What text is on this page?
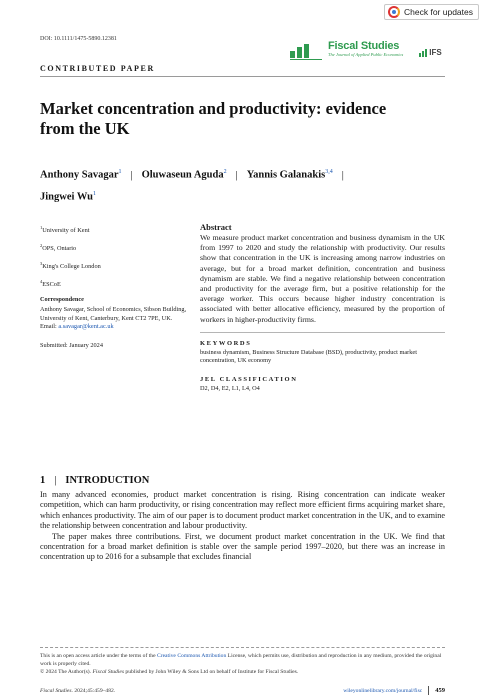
Check for updates
DOI: 10.1111/1475-5890.12381
Fiscal Studies
The Journal of Applied Public Economics	IFS
CONTRIBUTED PAPER
Market concentration and productivity: evidence from the UK
Anthony Savagar$^1$ | Oluwaseun Aguda$^2$ | Yannis Galanakis$^{3,4}$ |
Jingwei Wu$^1$

$^1$University of Kent

$^2$OPS, Ontario

$^3$King's College London

$^4$ESCoE

Correspondence

Anthony Savagar, School of Economics, Sibson Building, University of Kent, Canterbury, Kent CT2 7PE, UK.
Email: a.savagar@kent.ac.uk

Submitted: January 2024

Abstract

We measure product market concentration and business dynamism in the UK from 1997 to 2020 and study the relationship with productivity. Our results show that concentration in the UK is increasing among narrow industries on average, but for a broad market definition, concentration and business dynamism are stable. We find a negative relationship between concentration and productivity for the average firm, but a positive relationship for the average worker. This occurs because higher industry concentration is associated with better allocative efficiency, measured by the proportion of workers in higher-productivity firms.

KEYWORDS

business dynamism, Business Structure Database (BSD), productivity, product market concentration, UK economy

JEL CLASSIFICATION

D2, D4, E2, L1, L4, O4

1 | INTRODUCTION

In many advanced economies, product market concentration is rising. Rising concentration can indicate weaker competition, which can harm productivity, or rising concentration may reflect more efficient firms acquiring market share, which enhances productivity. The aim of our paper is to document product market concentration in the UK, and to examine the relationship between concentration and labour productivity.

The paper makes three contributions. First, we document product market concentration in the UK. We find that concentration for a broad market definition is stable over the sample period 1997–2020, but there was an increase in concentration up to 2016 for a subsample that excludes financial

This is an open access article under the terms of the Creative Commons Attribution License, which permits use, distribution and reproduction in any medium, provided the original work is properly cited.
© 2024 The Author(s). Fiscal Studies published by John Wiley & Sons Ltd on behalf of Institute for Fiscal Studies.
Fiscal Studies. 2024;45:459–482.	wileyonlinelibrary.com/journal/fisc 459
